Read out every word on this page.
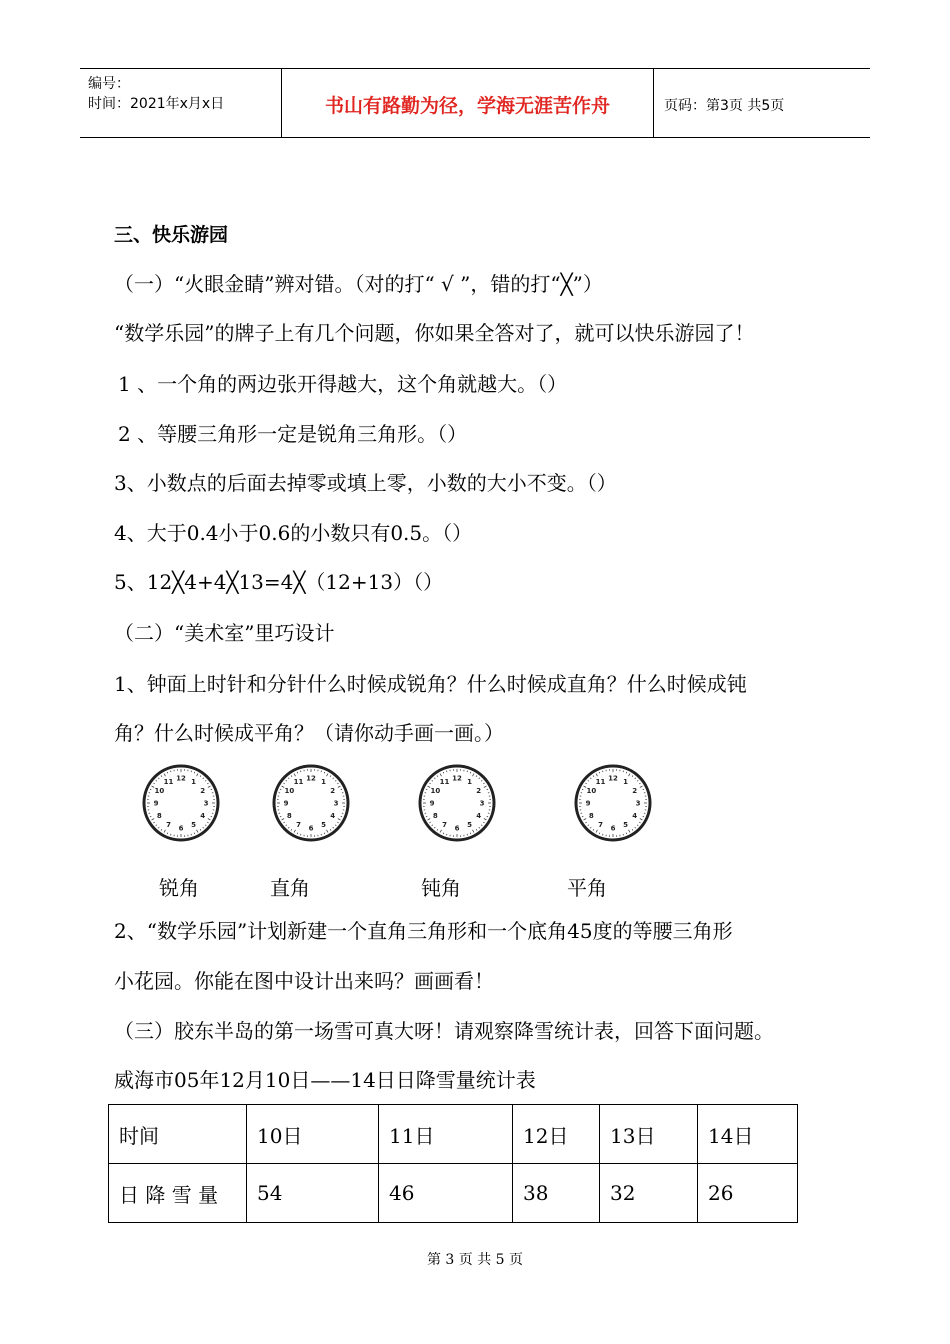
编号：
时间：2021年x月x日	书山有路勤为径，学海无涯苦作舟	页码：第3页 共5页
三、快乐游园
（一）“火眼金睛”辨对错。（对的打“ √ ”，错的打“╳”）
“数学乐园”的牌子上有几个问题，你如果全答对了，就可以快乐游园了！
1 、一个角的两边张开得越大，这个角就越大。（）
2 、等腰三角形一定是锐角三角形。（）
3、小数点的后面去掉零或填上零，小数的大小不变。（）
4、大于0.4小于0.6的小数只有0.5。（）
5、12╳4+4╳13=4╳（12+13）（）
（二）“美术室”里巧设计
1、钟面上时针和分针什么时候成锐角？什么时候成直角？什么时候成钝
角？什么时候成平角？（请你动手画一画。）
12 1
2
3
4
5
6
7
8
9
10
11	12 1
2
3
4
5
6
7
8
9
10
11	12 1
2
3
4
5
6
7
8
9
10
11	12 1
2
3
4
5
6
7
8
9
10
11
锐角	直角	钝角	平角
2、“数学乐园”计划新建一个直角三角形和一个底角45度的等腰三角形
小花园。你能在图中设计出来吗？画画看！
（三）胶东半岛的第一场雪可真大呀！请观察降雪统计表，回答下面问题。
威海市05年12月10日——14日日降雪量统计表
时间	10日	11日	12日	13日	14日
日 降 雪 量	54	46	38	32	26
第 3 页 共 5 页
